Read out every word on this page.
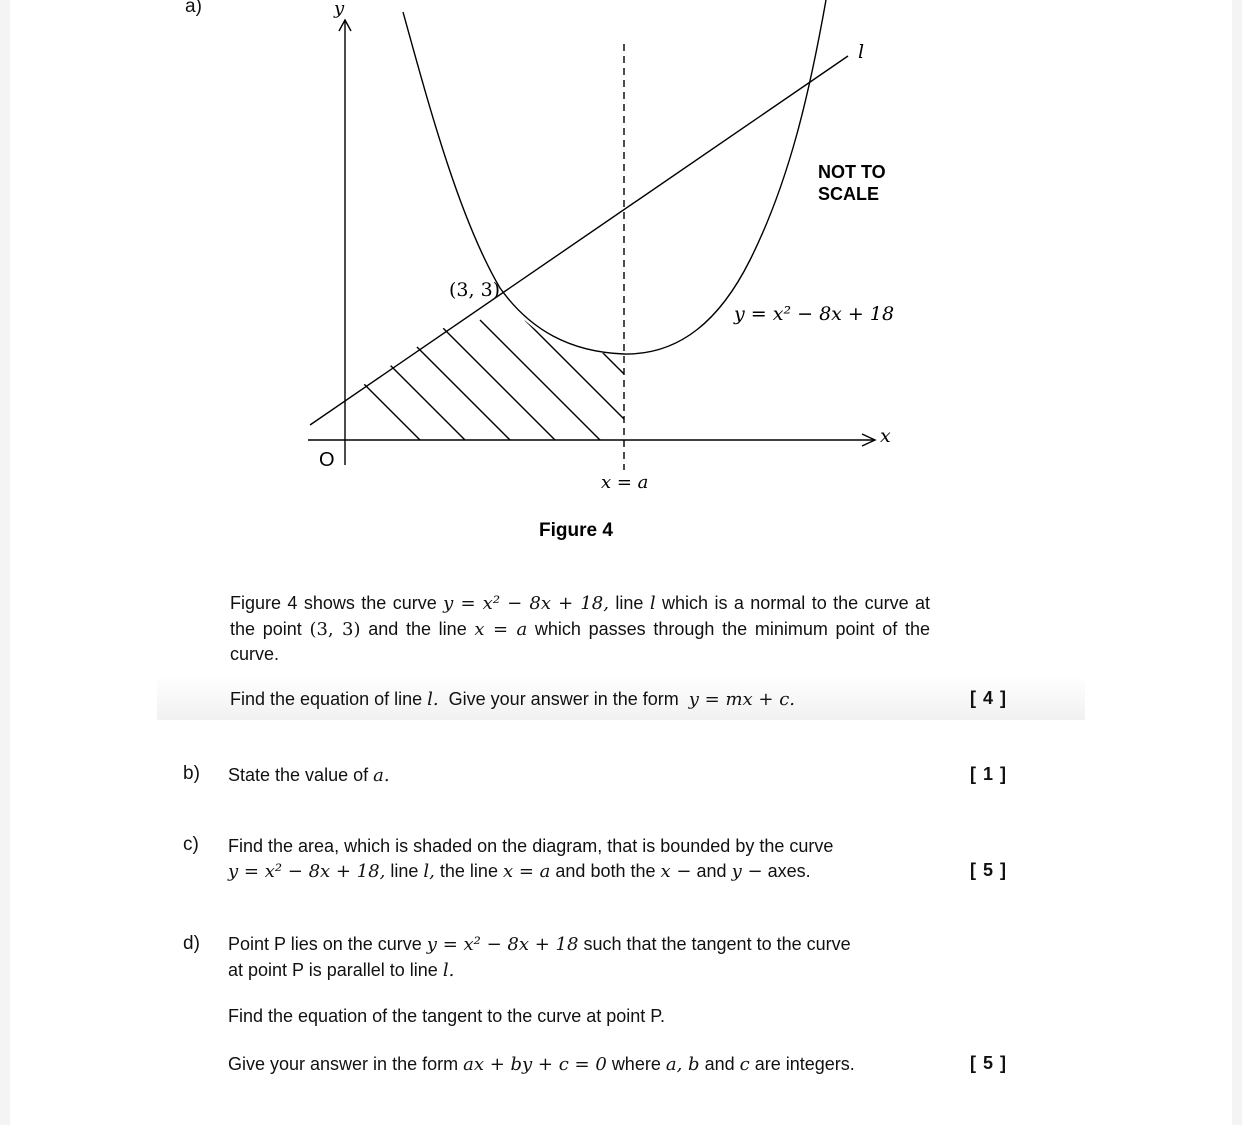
a)	y
x
l
(3, 3)
y = x² − 8x + 18
x = a
O
NOT TO
SCALE
Figure 4
Figure 4 shows the curve y = x² − 8x + 18, line l which is a normal to the curve at the point (3, 3) and the line x = a which passes through the minimum point of the curve.
Find the equation of line l. Give your answer in the form y = mx + c.	[ 4 ]
b) State the value of a.	[ 1 ]
c) Find the area, which is shaded on the diagram, that is bounded by the curve
y = x² − 8x + 18, line l, the line x = a and both the x − and y − axes.	[ 5 ]
d) Point P lies on the curve y = x² − 8x + 18 such that the tangent to the curve
at point P is parallel to line l.
Find the equation of the tangent to the curve at point P.
Give your answer in the form ax + by + c = 0 where a, b and c are integers.	[ 5 ]
